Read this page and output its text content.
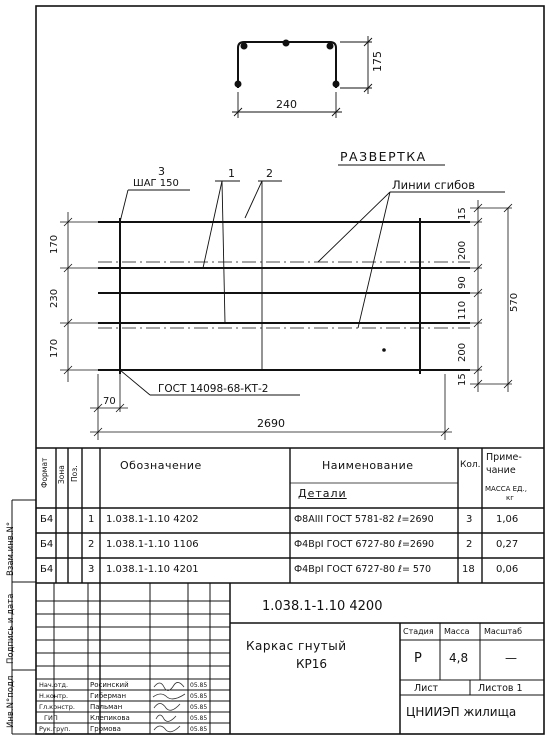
240
175
РАЗВЕРТКА
Линии сгибов
3
ШАГ 150
1	2
170
230
170
15
200
90
110
200
15
570
ГОСТ 14098-68-КТ-2
70
2690
Формат Зона Поз.	Обозначение	Наименование	Кол.
Приме-
чание
Детали	МАССА ЕД.,
кг
Б4	1 1.038.1-1.10 4202	Ф8АIII ГОСТ 5781-82 ℓ=2690	3 1,06
Б4	2 1.038.1-1.10 1106	Ф4ВрI ГОСТ 6727-80 ℓ=2690	2 0,27
Б4	3 1.038.1-1.10 4201	Ф4ВрI ГОСТ 6727-80 ℓ= 570	18 0,06
Инв.N°подл
Подпись и дата
Взам.инв.N°
1.038.1-1.10 4200
Каркас гнутый
КР16
Стадия Масса Масштаб
Р 4,8	—
Лист	Листов 1
ЦНИИЭП жилища
Нач.отд.	Росинский	05.85
Н.контр.	Гиберман	05.85
Гл.констр. Пальман	05.85
ГИП	Клепикова	05.85
Рук.груп.	Громова	05.85
